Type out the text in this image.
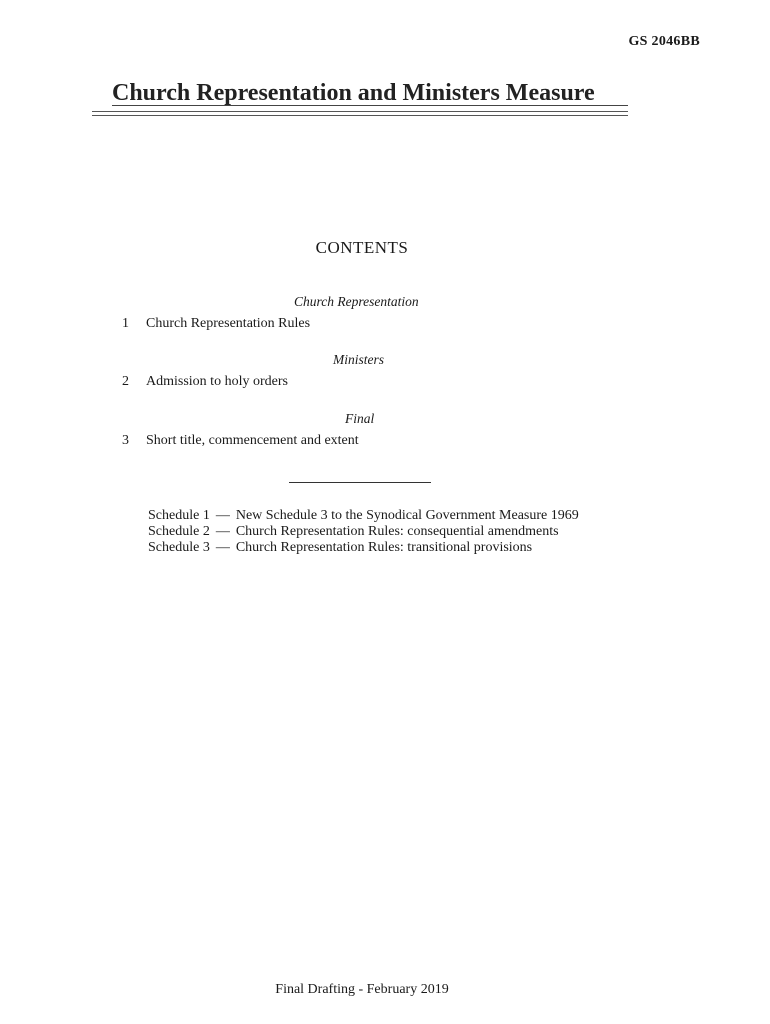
GS 2046BB
Church Representation and Ministers Measure
CONTENTS
Church Representation
1 Church Representation Rules
Ministers
2 Admission to holy orders
Final
3 Short title, commencement and extent
Schedule 1 — New Schedule 3 to the Synodical Government Measure 1969
Schedule 2 — Church Representation Rules: consequential amendments
Schedule 3 — Church Representation Rules: transitional provisions
Final Drafting - February 2019
